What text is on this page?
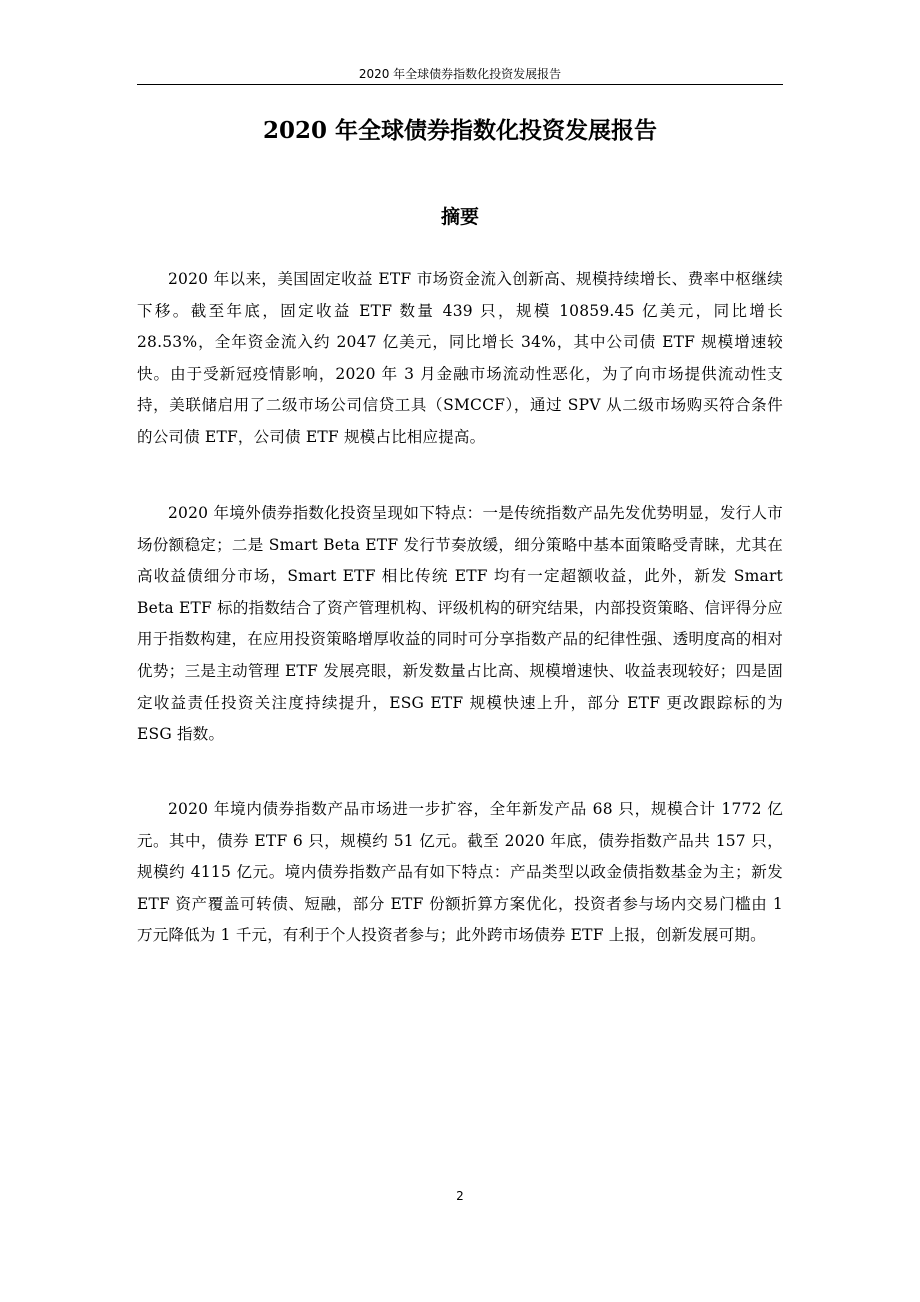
2020 年全球债券指数化投资发展报告
2020 年全球债券指数化投资发展报告
摘要

2020 年以来，美国固定收益 ETF 市场资金流入创新高、规模持续增长、费率中枢继续下移。截至年底，固定收益 ETF 数量 439 只，规模 10859.45 亿美元，同比增长 28.53%，全年资金流入约 2047 亿美元，同比增长 34%，其中公司债 ETF 规模增速较快。由于受新冠疫情影响，2020 年 3 月金融市场流动性恶化，为了向市场提供流动性支持，美联储启用了二级市场公司信贷工具（SMCCF），通过 SPV 从二级市场购买符合条件的公司债 ETF，公司债 ETF 规模占比相应提高。

2020 年境外债券指数化投资呈现如下特点：一是传统指数产品先发优势明显，发行人市场份额稳定；二是 Smart Beta ETF 发行节奏放缓，细分策略中基本面策略受青睐，尤其在高收益债细分市场，Smart ETF 相比传统 ETF 均有一定超额收益，此外，新发 Smart Beta ETF 标的指数结合了资产管理机构、评级机构的研究结果，内部投资策略、信评得分应用于指数构建，在应用投资策略增厚收益的同时可分享指数产品的纪律性强、透明度高的相对优势；三是主动管理 ETF 发展亮眼，新发数量占比高、规模增速快、收益表现较好；四是固定收益责任投资关注度持续提升，ESG ETF 规模快速上升，部分 ETF 更改跟踪标的为 ESG 指数。

2020 年境内债券指数产品市场进一步扩容，全年新发产品 68 只，规模合计 1772 亿元。其中，债券 ETF 6 只，规模约 51 亿元。截至 2020 年底，债券指数产品共 157 只，规模约 4115 亿元。境内债券指数产品有如下特点：产品类型以政金债指数基金为主；新发 ETF 资产覆盖可转债、短融，部分 ETF 份额折算方案优化，投资者参与场内交易门槛由 1 万元降低为 1 千元，有利于个人投资者参与；此外跨市场债券 ETF 上报，创新发展可期。

2
